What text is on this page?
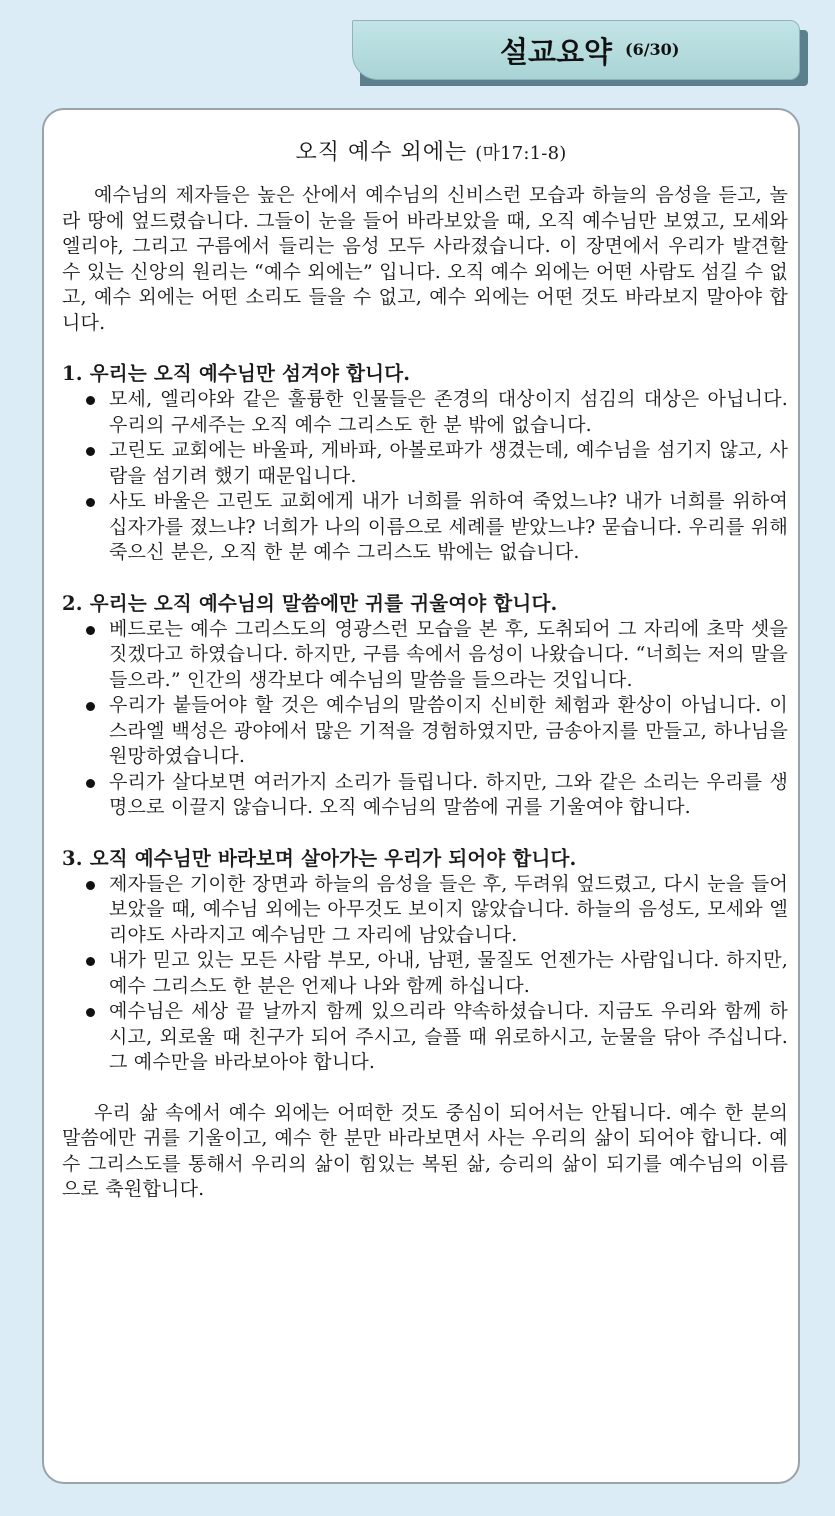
설교요약 (6/30)
오직 예수 외에는 (마17:1-8)

예수님의 제자들은 높은 산에서 예수님의 신비스런 모습과 하늘의 음성을 듣고, 놀라 땅에 엎드렸습니다. 그들이 눈을 들어 바라보았을 때, 오직 예수님만 보였고, 모세와 엘리야, 그리고 구름에서 들리는 음성 모두 사라졌습니다. 이 장면에서 우리가 발견할 수 있는 신앙의 원리는 “예수 외에는” 입니다. 오직 예수 외에는 어떤 사람도 섬길 수 없고, 예수 외에는 어떤 소리도 들을 수 없고, 예수 외에는 어떤 것도 바라보지 말아야 합니다.

1. 우리는 오직 예수님만 섬겨야 합니다.
모세, 엘리야와 같은 훌륭한 인물들은 존경의 대상이지 섬김의 대상은 아닙니다. 우리의 구세주는 오직 예수 그리스도 한 분 밖에 없습니다.
고린도 교회에는 바울파, 게바파, 아볼로파가 생겼는데, 예수님을 섬기지 않고, 사람을 섬기려 했기 때문입니다.
사도 바울은 고린도 교회에게 내가 너희를 위하여 죽었느냐? 내가 너희를 위하여 십자가를 졌느냐? 너희가 나의 이름으로 세례를 받았느냐? 묻습니다. 우리를 위해 죽으신 분은, 오직 한 분 예수 그리스도 밖에는 없습니다.
2. 우리는 오직 예수님의 말씀에만 귀를 귀울여야 합니다.
베드로는 예수 그리스도의 영광스런 모습을 본 후, 도취되어 그 자리에 초막 셋을 짓겠다고 하였습니다. 하지만, 구름 속에서 음성이 나왔습니다. “너희는 저의 말을 들으라.” 인간의 생각보다 예수님의 말씀을 들으라는 것입니다.
우리가 붙들어야 할 것은 예수님의 말씀이지 신비한 체험과 환상이 아닙니다. 이스라엘 백성은 광야에서 많은 기적을 경험하였지만, 금송아지를 만들고, 하나님을 원망하였습니다.
우리가 살다보면 여러가지 소리가 들립니다. 하지만, 그와 같은 소리는 우리를 생명으로 이끌지 않습니다. 오직 예수님의 말씀에 귀를 기울여야 합니다.
3. 오직 예수님만 바라보며 살아가는 우리가 되어야 합니다.
제자들은 기이한 장면과 하늘의 음성을 들은 후, 두려워 엎드렸고, 다시 눈을 들어 보았을 때, 예수님 외에는 아무것도 보이지 않았습니다. 하늘의 음성도, 모세와 엘리야도 사라지고 예수님만 그 자리에 남았습니다.
내가 믿고 있는 모든 사람 부모, 아내, 남편, 물질도 언젠가는 사람입니다. 하지만, 예수 그리스도 한 분은 언제나 나와 함께 하십니다.
예수님은 세상 끝 날까지 함께 있으리라 약속하셨습니다. 지금도 우리와 함께 하시고, 외로울 때 친구가 되어 주시고, 슬플 때 위로하시고, 눈물을 닦아 주십니다. 그 예수만을 바라보아야 합니다.

우리 삶 속에서 예수 외에는 어떠한 것도 중심이 되어서는 안됩니다. 예수 한 분의 말씀에만 귀를 기울이고, 예수 한 분만 바라보면서 사는 우리의 삶이 되어야 합니다. 예수 그리스도를 통해서 우리의 삶이 힘있는 복된 삶, 승리의 삶이 되기를 예수님의 이름으로 축원합니다.
